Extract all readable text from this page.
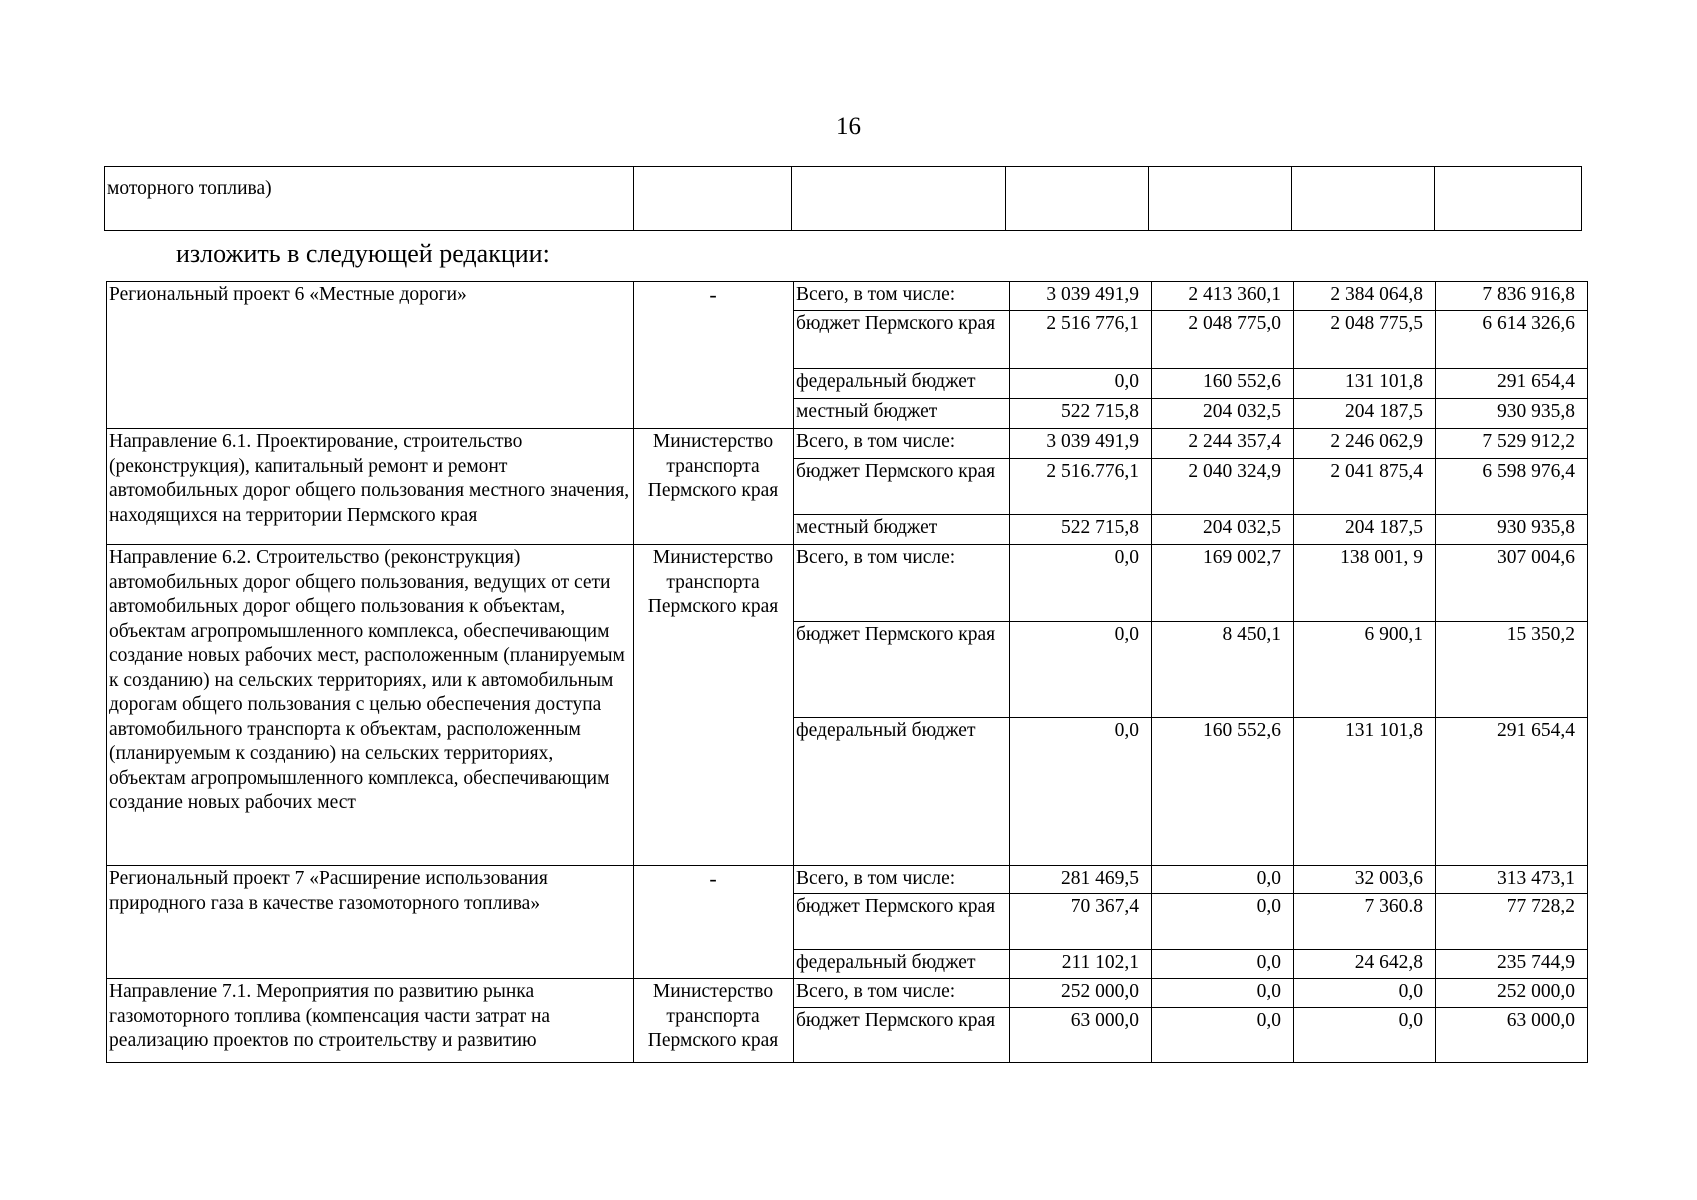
16
моторного топлива)						
изложить в следующей редакции:
Региональный проект 6 «Местные дороги»	-	Всего, в том числе:	3 039 491,9	2 413 360,1	2 384 064,8	7 836 916,8
		бюджет Пермского края	2 516 776,1	2 048 775,0	2 048 775,5	6 614 326,6
		федеральный бюджет	0,0	160 552,6	131 101,8	291 654,4
		местный бюджет	522 715,8	204 032,5	204 187,5	930 935,8
Направление 6.1. Проектирование, строительство (реконструкция), капитальный ремонт и ремонт автомобильных дорог общего пользования местного значения, находящихся на территории Пермского края	Министерство транспорта Пермского края	Всего, в том числе:	3 039 491,9	2 244 357,4	2 246 062,9	7 529 912,2
		бюджет Пермского края	2 516.776,1	2 040 324,9	2 041 875,4	6 598 976,4
		местный бюджет	522 715,8	204 032,5	204 187,5	930 935,8
Направление 6.2. Строительство (реконструкция) автомобильных дорог общего пользования, ведущих от сети автомобильных дорог общего пользования к объектам, объектам агропромышленного комплекса, обеспечивающим создание новых рабочих мест, расположенным (планируемым к созданию) на сельских территориях, или к автомобильным дорогам общего пользования с целью обеспечения доступа автомобильного транспорта к объектам, расположенным (планируемым к созданию) на сельских территориях, объектам агропромышленного комплекса, обеспечивающим создание новых рабочих мест	Министерство транспорта Пермского края	Всего, в том числе:	0,0	169 002,7	138 001, 9	307 004,6
		бюджет Пермского края	0,0	8 450,1	6 900,1	15 350,2
		федеральный бюджет	0,0	160 552,6	131 101,8	291 654,4
Региональный проект 7 «Расширение использования природного газа в качестве газомоторного топлива»	-	Всего, в том числе:	281 469,5	0,0	32 003,6	313 473,1
		бюджет Пермского края	70 367,4	0,0	7 360.8	77 728,2
		федеральный бюджет	211 102,1	0,0	24 642,8	235 744,9
Направление 7.1. Мероприятия по развитию рынка газомоторного топлива (компенсация части затрат на реализацию проектов по строительству и развитию	Министерство транспорта Пермского края	Всего, в том числе:	252 000,0	0,0	0,0	252 000,0
		бюджет Пермского края	63 000,0	0,0	0,0	63 000,0
